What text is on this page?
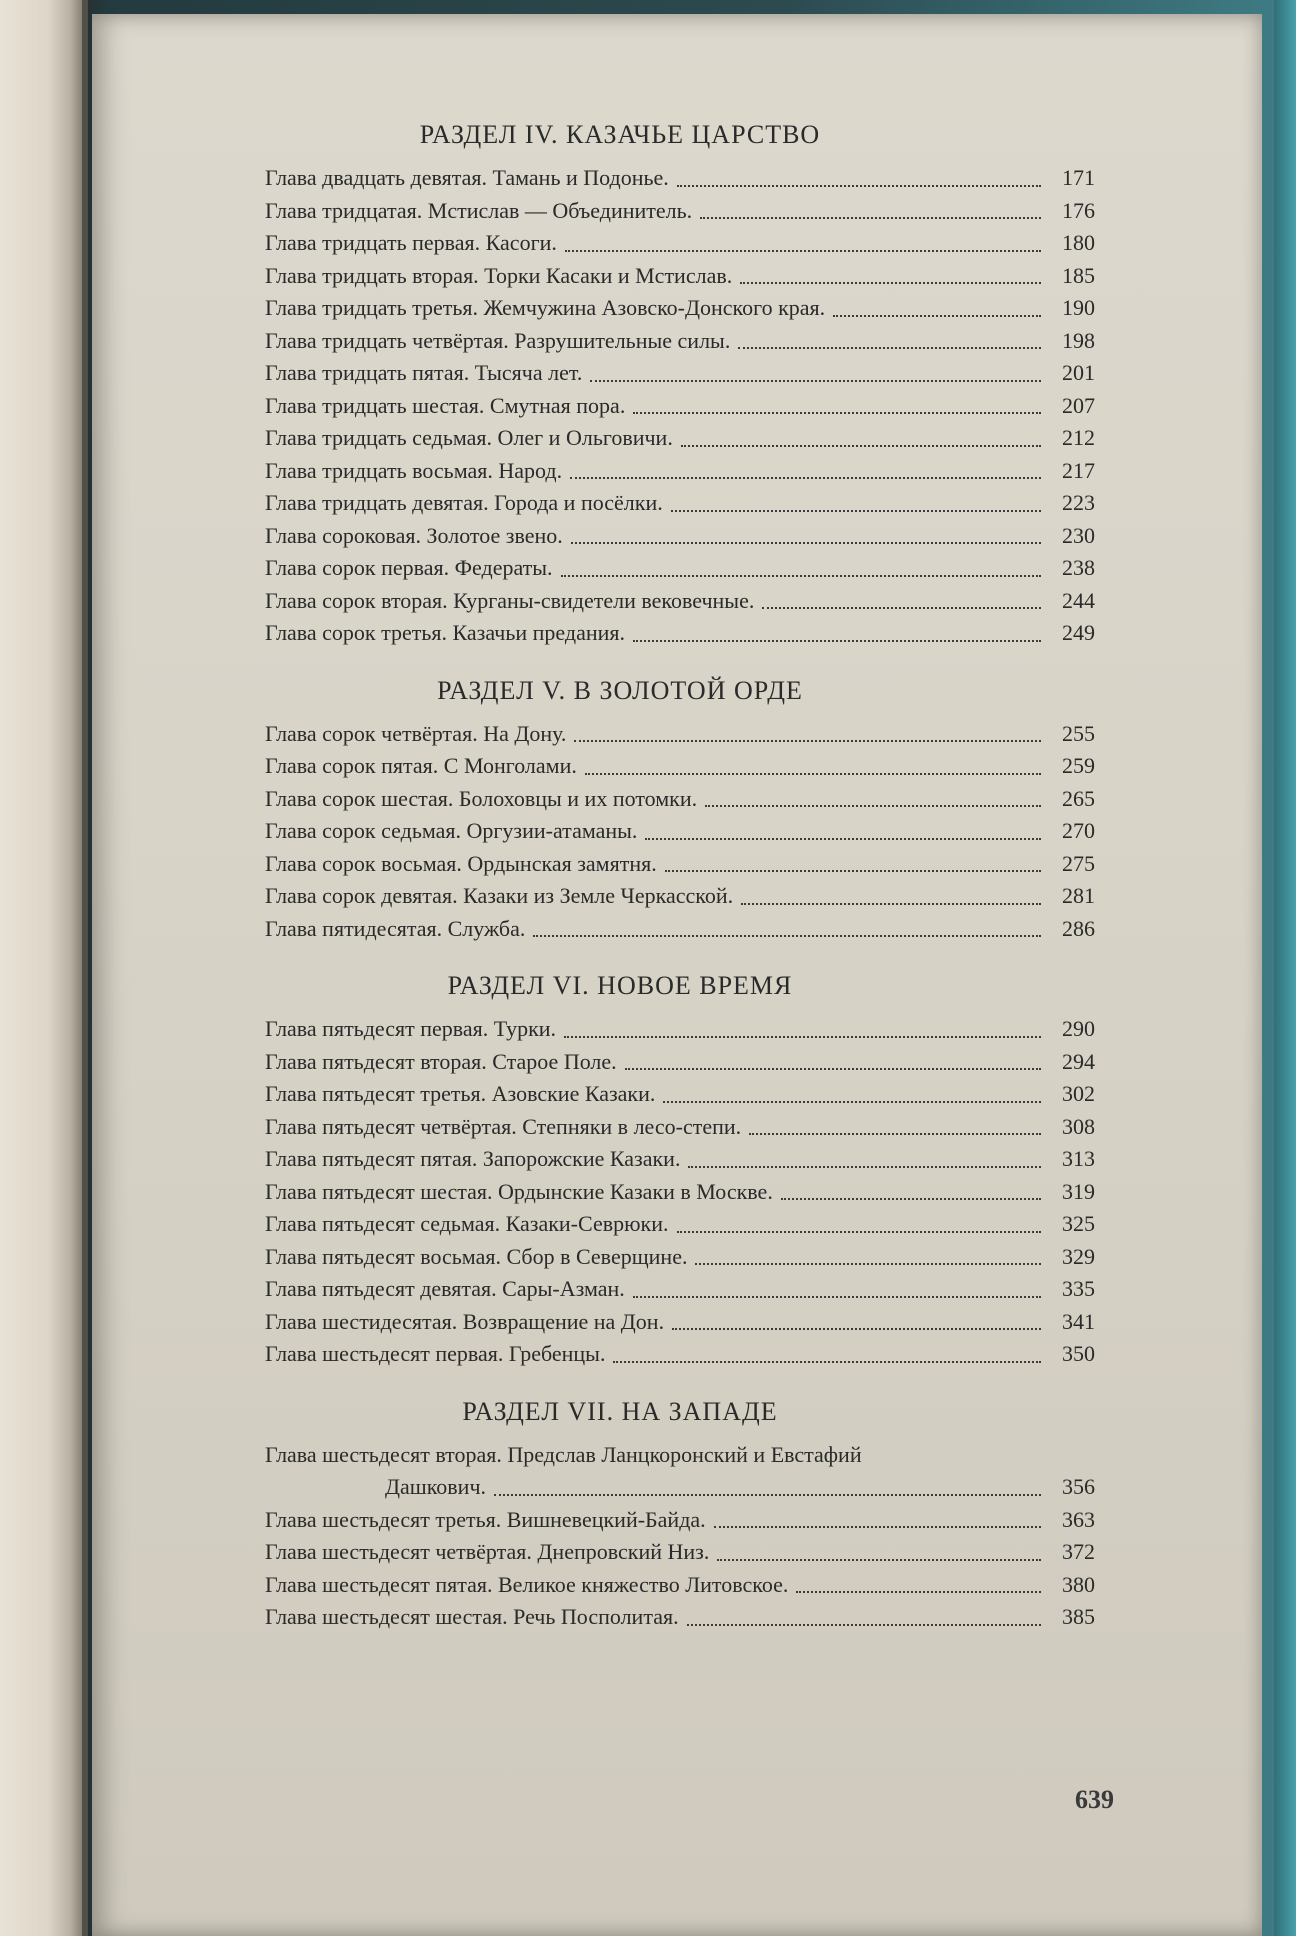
РАЗДЕЛ IV. КАЗАЧЬЕ ЦАРСТВО
Глава двадцать девятая. Тамань и Подонье.	171
Глава тридцатая. Мстислав — Объединитель.	176
Глава тридцать первая. Касоги.	180
Глава тридцать вторая. Торки Касаки и Мстислав.	185
Глава тридцать третья. Жемчужина Азовско-Донского края.	190
Глава тридцать четвёртая. Разрушительные силы.	198
Глава тридцать пятая. Тысяча лет.	201
Глава тридцать шестая. Смутная пора.	207
Глава тридцать седьмая. Олег и Ольговичи.	212
Глава тридцать восьмая. Народ.	217
Глава тридцать девятая. Города и посёлки.	223
Глава сороковая. Золотое звено.	230
Глава сорок первая. Федераты.	238
Глава сорок вторая. Курганы-свидетели вековечные.	244
Глава сорок третья. Казачьи предания.	249
РАЗДЕЛ V. В ЗОЛОТОЙ ОРДЕ
Глава сорок четвёртая. На Дону.	255
Глава сорок пятая. С Монголами.	259
Глава сорок шестая. Болоховцы и их потомки.	265
Глава сорок седьмая. Оргузии-атаманы.	270
Глава сорок восьмая. Ордынская замятня.	275
Глава сорок девятая. Казаки из Земле Черкасской.	281
Глава пятидесятая. Служба.	286
РАЗДЕЛ VI. НОВОЕ ВРЕМЯ
Глава пятьдесят первая. Турки.	290
Глава пятьдесят вторая. Старое Поле.	294
Глава пятьдесят третья. Азовские Казаки.	302
Глава пятьдесят четвёртая. Степняки в лесо-степи.	308
Глава пятьдесят пятая. Запорожские Казаки.	313
Глава пятьдесят шестая. Ордынские Казаки в Москве.	319
Глава пятьдесят седьмая. Казаки-Севрюки.	325
Глава пятьдесят восьмая. Сбор в Северщине.	329
Глава пятьдесят девятая. Сары-Азман.	335
Глава шестидесятая. Возвращение на Дон.	341
Глава шестьдесят первая. Гребенцы.	350
РАЗДЕЛ VII. НА ЗАПАДЕ
Глава шестьдесят вторая. Предслав Ланцкоронский и Евстафий
Дашкович.	356
Глава шестьдесят третья. Вишневецкий-Байда.	363
Глава шестьдесят четвёртая. Днепровский Низ.	372
Глава шестьдесят пятая. Великое княжество Литовское.	380
Глава шестьдесят шестая. Речь Посполитая.	385
639
